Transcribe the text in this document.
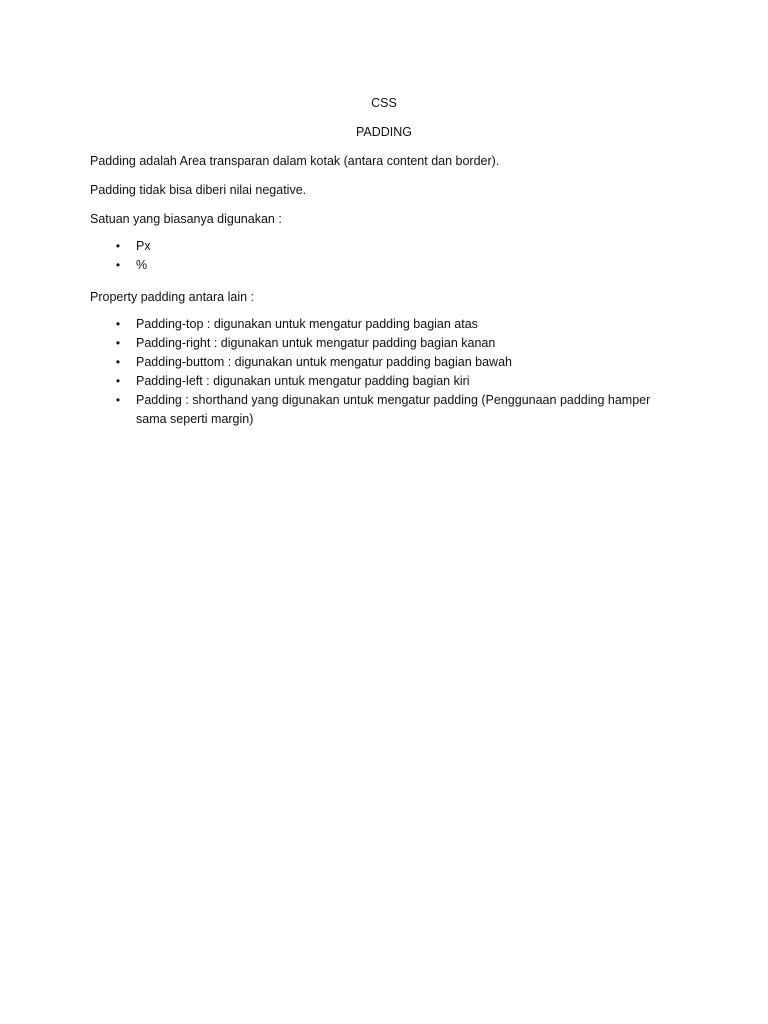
CSS
PADDING
Padding adalah Area transparan dalam kotak (antara content dan border).
Padding tidak bisa diberi nilai negative.
Satuan yang biasanya digunakan :
• Px
• %
Property padding antara lain :
• Padding-top : digunakan untuk mengatur padding bagian atas
• Padding-right : digunakan untuk mengatur padding bagian kanan
• Padding-buttom : digunakan untuk mengatur padding bagian bawah
• Padding-left : digunakan untuk mengatur padding bagian kiri
• Padding : shorthand yang digunakan untuk mengatur padding (Penggunaan padding hamper sama seperti margin)
